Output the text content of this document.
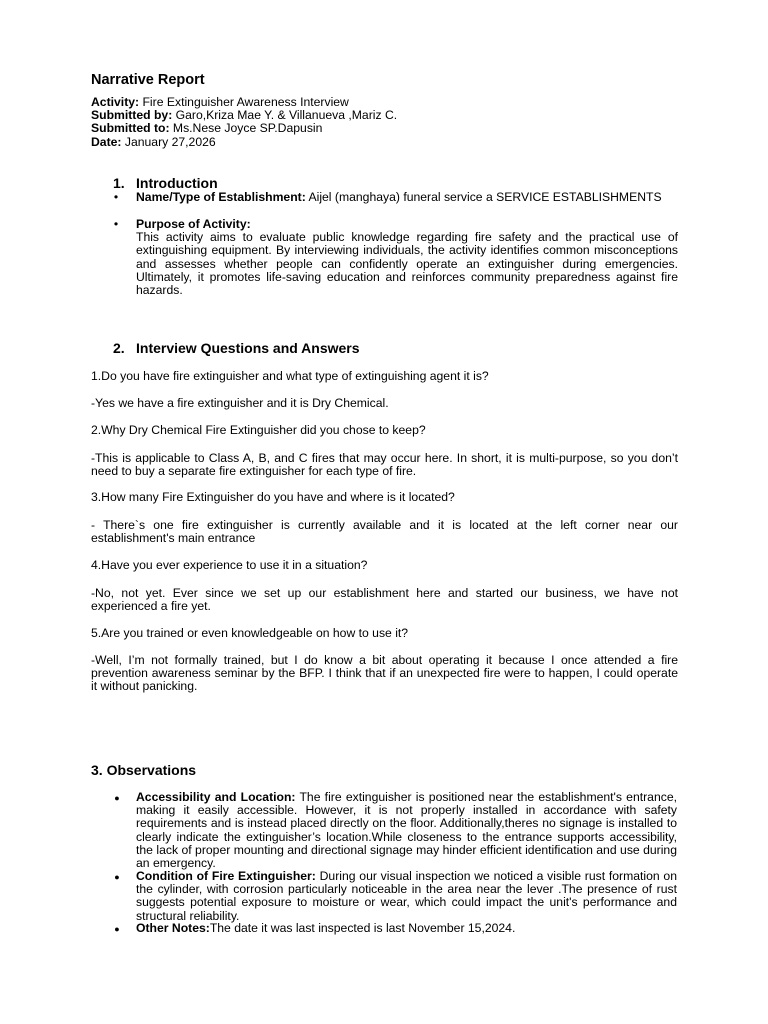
Narrative Report
Activity: Fire Extinguisher Awareness Interview
Submitted by: Garo,Kriza Mae Y. & Villanueva ,Mariz C.
Submitted to: Ms.Nese Joyce SP.Dapusin
Date: January 27,2026
1. Introduction
• Name/Type of Establishment: Aijel (manghaya) funeral service a SERVICE ESTABLISHMENTS
• Purpose of Activity:
This activity aims to evaluate public knowledge regarding fire safety and the practical use of extinguishing equipment. By interviewing individuals, the activity identifies common misconceptions and assesses whether people can confidently operate an extinguisher during emergencies. Ultimately, it promotes life-saving education and reinforces community preparedness against fire hazards.
2. Interview Questions and Answers
1.Do you have fire extinguisher and what type of extinguishing agent it is?
-Yes we have a fire extinguisher and it is Dry Chemical.
2.Why Dry Chemical Fire Extinguisher did you chose to keep?
-This is applicable to Class A, B, and C fires that may occur here. In short, it is multi-purpose, so you don’t need to buy a separate fire extinguisher for each type of fire.
3.How many Fire Extinguisher do you have and where is it located?
- There`s one fire extinguisher is currently available and it is located at the left corner near our establishment's main entrance
4.Have you ever experience to use it in a situation?
-No, not yet. Ever since we set up our establishment here and started our business, we have not experienced a fire yet.
5.Are you trained or even knowledgeable on how to use it?
-Well, I’m not formally trained, but I do know a bit about operating it because I once attended a fire prevention awareness seminar by the BFP. I think that if an unexpected fire were to happen, I could operate it without panicking.
3. Observations
● Accessibility and Location: The fire extinguisher is positioned near the establishment's entrance, making it easily accessible. However, it is not properly installed in accordance with safety requirements and is instead placed directly on the floor. Additionally,theres no signage is installed to clearly indicate the extinguisher’s location.While closeness to the entrance supports accessibility, the lack of proper mounting and directional signage may hinder efficient identification and use during an emergency.
● Condition of Fire Extinguisher: During our visual inspection we noticed a visible rust formation on the cylinder, with corrosion particularly noticeable in the area near the lever .The presence of rust suggests potential exposure to moisture or wear, which could impact the unit's performance and structural reliability.
● Other Notes:The date it was last inspected is last November 15,2024.
